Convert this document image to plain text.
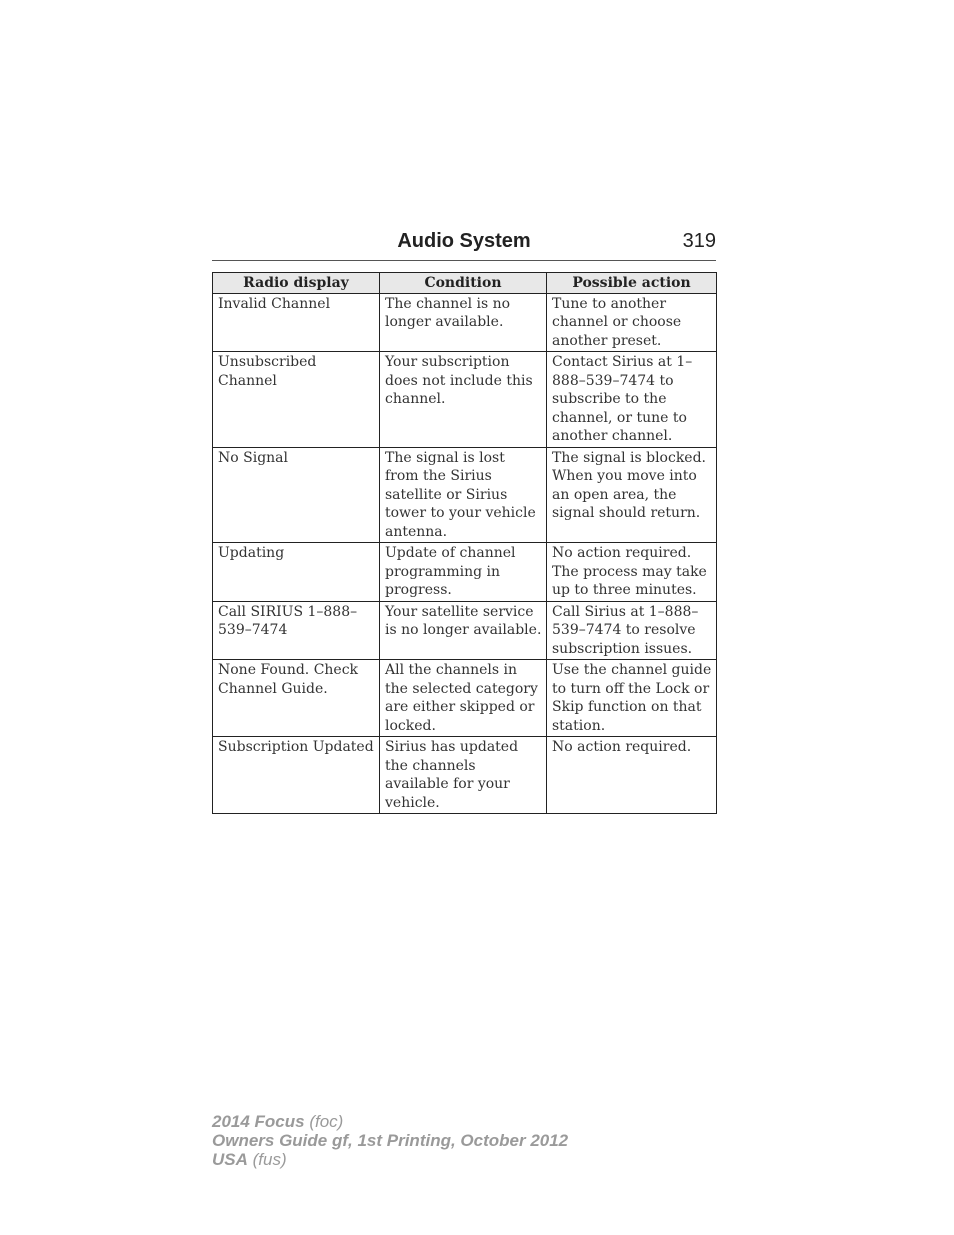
Audio System	319
Radio display	Condition	Possible action
Invalid Channel	The channel is no longer available.	Tune to another channel or choose another preset.
Unsubscribed Channel	Your subscription does not include this channel.	Contact Sirius at 1–888–539–7474 to subscribe to the channel, or tune to another channel.
No Signal	The signal is lost from the Sirius satellite or Sirius tower to your vehicle antenna.	The signal is blocked. When you move into an open area, the signal should return.
Updating	Update of channel programming in progress.	No action required. The process may take up to three minutes.
Call SIRIUS 1–888–539–7474	Your satellite service is no longer available.	Call Sirius at 1–888–539–7474 to resolve subscription issues.
None Found. Check Channel Guide.	All the channels in the selected category are either skipped or locked.	Use the channel guide to turn off the Lock or Skip function on that station.
Subscription Updated	Sirius has updated the channels available for your vehicle.	No action required.
2014 Focus (foc)
Owners Guide gf, 1st Printing, October 2012
USA (fus)
